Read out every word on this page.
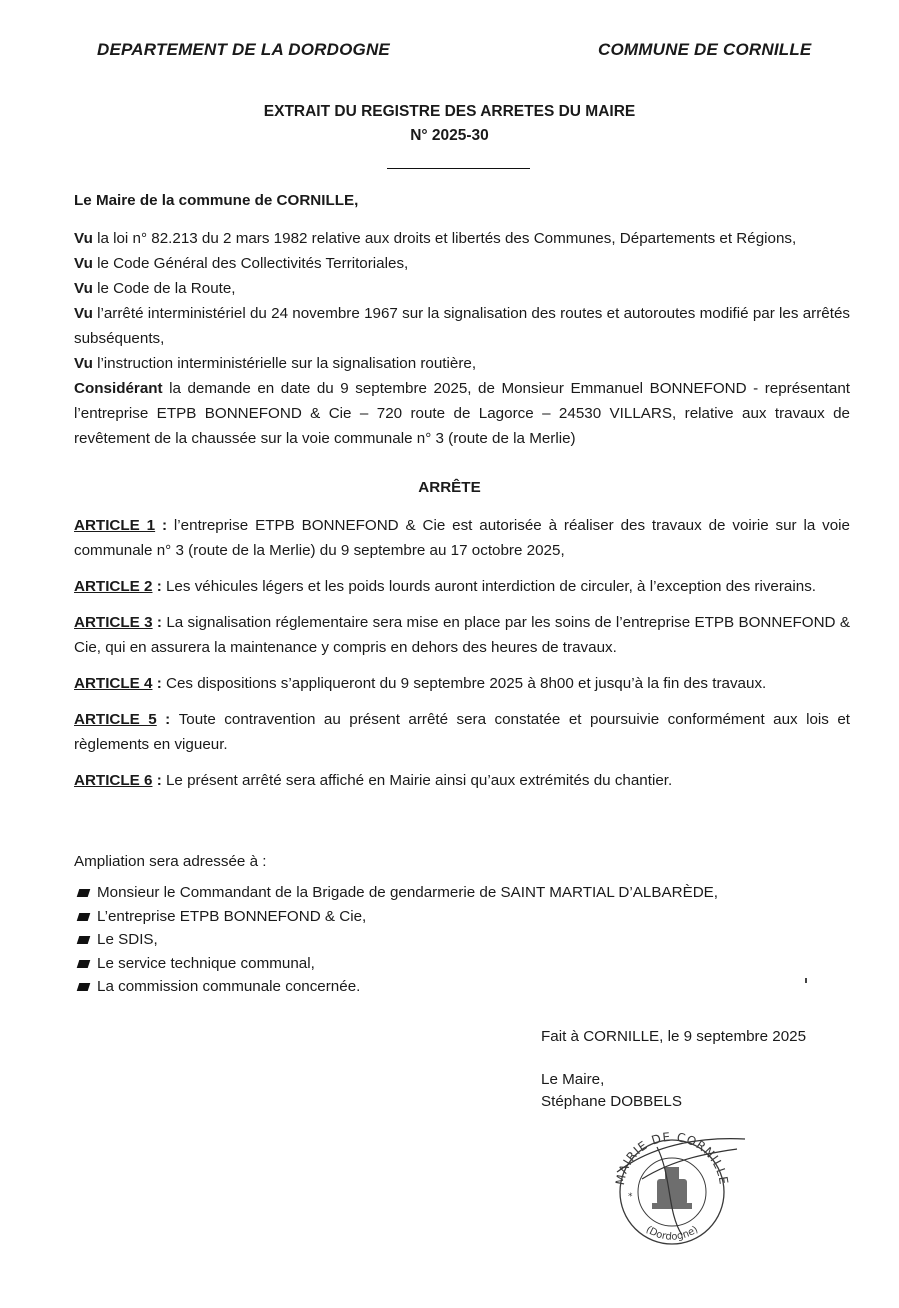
DEPARTEMENT DE LA DORDOGNE	COMMUNE DE CORNILLE
EXTRAIT DU REGISTRE DES ARRETES DU MAIRE
N° 2025-30
Le Maire de la commune de CORNILLE,

Vu la loi n° 82.213 du 2 mars 1982 relative aux droits et libertés des Communes, Départements et Régions,

Vu le Code Général des Collectivités Territoriales,

Vu le Code de la Route,

Vu l’arrêté interministériel du 24 novembre 1967 sur la signalisation des routes et autoroutes modifié par les arrêtés subséquents,

Vu l’instruction interministérielle sur la signalisation routière,

Considérant la demande en date du 9 septembre 2025, de Monsieur Emmanuel BONNEFOND - représentant l’entreprise ETPB BONNEFOND & Cie – 720 route de Lagorce – 24530 VILLARS, relative aux travaux de revêtement de la chaussée sur la voie communale n° 3 (route de la Merlie)

ARRÊTE

ARTICLE 1 : l’entreprise ETPB BONNEFOND & Cie est autorisée à réaliser des travaux de voirie sur la voie communale n° 3 (route de la Merlie) du 9 septembre au 17 octobre 2025,

ARTICLE 2 : Les véhicules légers et les poids lourds auront interdiction de circuler, à l’exception des riverains.

ARTICLE 3 : La signalisation réglementaire sera mise en place par les soins de l’entreprise ETPB BONNEFOND & Cie, qui en assurera la maintenance y compris en dehors des heures de travaux.

ARTICLE 4 : Ces dispositions s’appliqueront du 9 septembre 2025 à 8h00 et jusqu’à la fin des travaux.

ARTICLE 5 : Toute contravention au présent arrêté sera constatée et poursuivie conformément aux lois et règlements en vigueur.

ARTICLE 6 : Le présent arrêté sera affiché en Mairie ainsi qu’aux extrémités du chantier.

Ampliation sera adressée à :
Monsieur le Commandant de la Brigade de gendarmerie de SAINT MARTIAL D’ALBARÈDE,
L’entreprise ETPB BONNEFOND & Cie,
Le SDIS,
Le service technique communal,
La commission communale concernée.
Fait à CORNILLE, le 9 septembre 2025
Le Maire,
Stéphane DOBBELS
MAIRIE DE CORNILLE
(Dordogne)
*
